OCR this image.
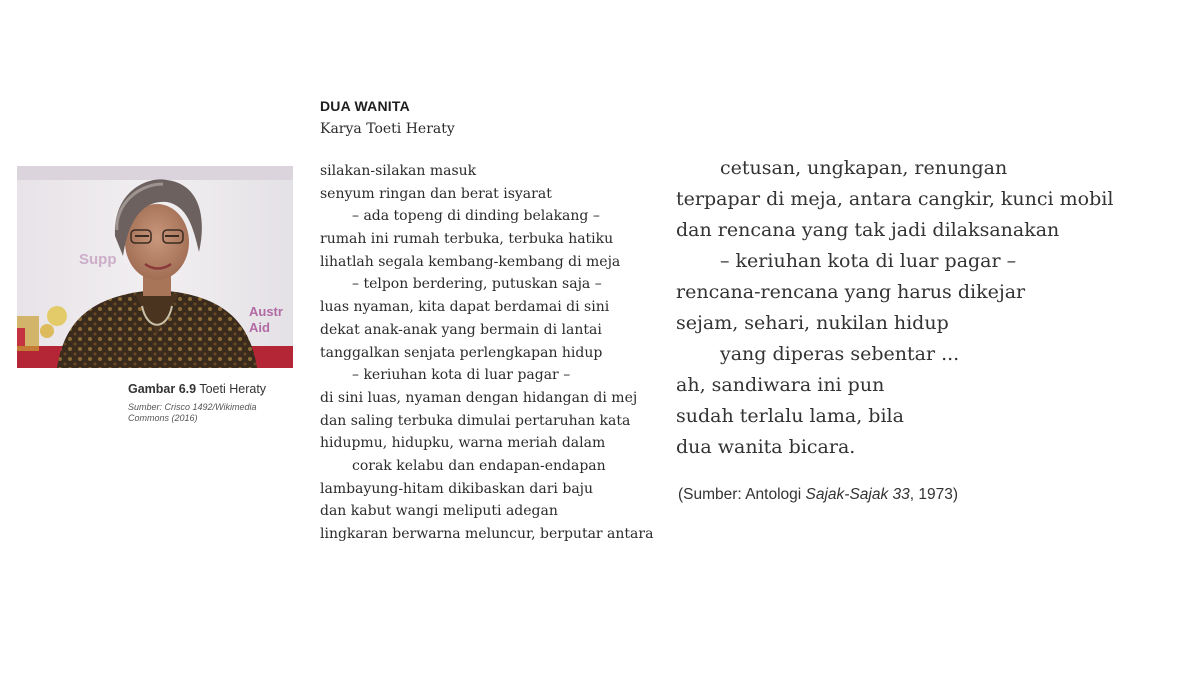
Supp
Austr
Aid
Gambar 6.9 Toeti Heraty
Sumber: Crisco 1492/Wikimedia Commons (2016)
DUA WANITA
Karya Toeti Heraty
silakan-silakan masuk
senyum ringan dan berat isyarat
– ada topeng di dinding belakang –
rumah ini rumah terbuka, terbuka hatiku
lihatlah segala kembang-kembang di meja
– telpon berdering, putuskan saja –
luas nyaman, kita dapat berdamai di sini
dekat anak-anak yang bermain di lantai
tanggalkan senjata perlengkapan hidup
– keriuhan kota di luar pagar –
di sini luas, nyaman dengan hidangan di mej
dan saling terbuka dimulai pertaruhan kata
hidupmu, hidupku, warna meriah dalam
corak kelabu dan endapan-endapan
lambayung-hitam dikibaskan dari baju
dan kabut wangi meliputi adegan
lingkaran berwarna meluncur, berputar antara
cetusan, ungkapan, renungan
terpapar di meja, antara cangkir, kunci mobil
dan rencana yang tak jadi dilaksanakan
– keriuhan kota di luar pagar –
rencana-rencana yang harus dikejar
sejam, sehari, nukilan hidup
yang diperas sebentar ...
ah, sandiwara ini pun
sudah terlalu lama, bila
dua wanita bicara.
(Sumber: Antologi Sajak-Sajak 33, 1973)
